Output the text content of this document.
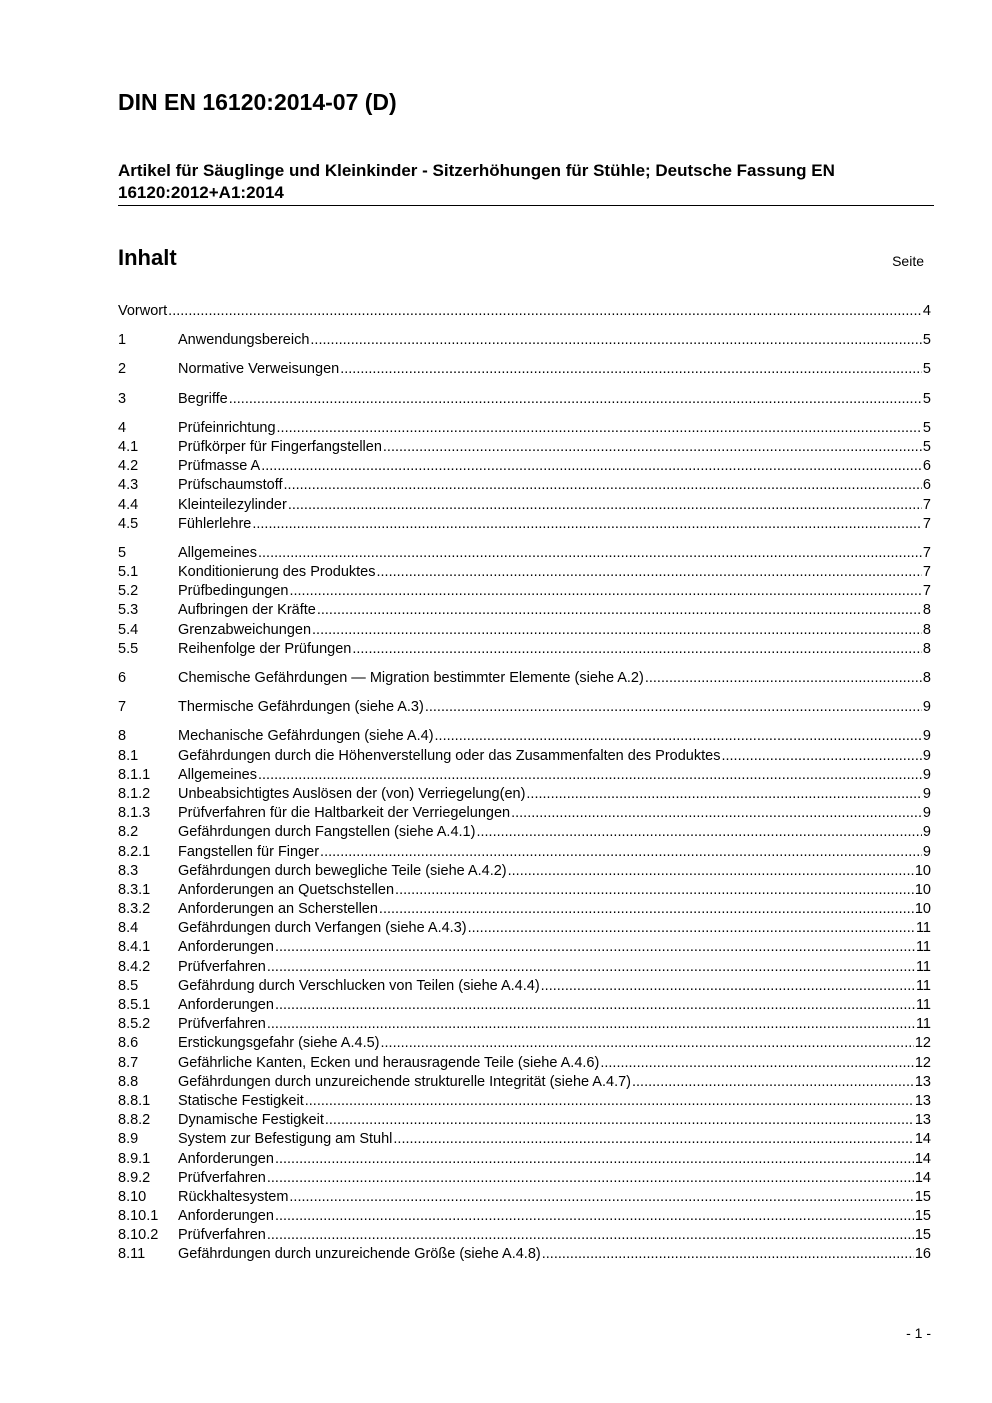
DIN EN 16120:2014-07 (D)
Artikel für Säuglinge und Kleinkinder - Sitzerhöhungen für Stühle; Deutsche Fassung EN 16120:2012+A1:2014
Inhalt	Seite
Vorwort .....	4
1	Anwendungsbereich .....	5
2	Normative Verweisungen .....	5
3	Begriffe .....	5
4	Prüfeinrichtung .....	5
4.1	Prüfkörper für Fingerfangstellen .....	5
4.2	Prüfmasse A .....	6
4.3	Prüfschaumstoff .....	6
4.4	Kleinteilezylinder .....	7
4.5	Fühlerlehre .....	7
5	Allgemeines .....	7
5.1	Konditionierung des Produktes .....	7
5.2	Prüfbedingungen .....	7
5.3	Aufbringen der Kräfte .....	8
5.4	Grenzabweichungen .....	8
5.5	Reihenfolge der Prüfungen .....	8
6	Chemische Gefährdungen — Migration bestimmter Elemente (siehe A.2) .....	8
7	Thermische Gefährdungen (siehe A.3) .....	9
8	Mechanische Gefährdungen (siehe A.4) .....	9
8.1	Gefährdungen durch die Höhenverstellung oder das Zusammenfalten des Produktes .....	9
8.1.1	Allgemeines .....	9
8.1.2	Unbeabsichtigtes Auslösen der (von) Verriegelung(en) .....	9
8.1.3	Prüfverfahren für die Haltbarkeit der Verriegelungen .....	9
8.2	Gefährdungen durch Fangstellen (siehe A.4.1) .....	9
8.2.1	Fangstellen für Finger .....	9
8.3	Gefährdungen durch bewegliche Teile (siehe A.4.2) .....	10
8.3.1	Anforderungen an Quetschstellen .....	10
8.3.2	Anforderungen an Scherstellen .....	10
8.4	Gefährdungen durch Verfangen (siehe A.4.3) .....	11
8.4.1	Anforderungen .....	11
8.4.2	Prüfverfahren .....	11
8.5	Gefährdung durch Verschlucken von Teilen (siehe A.4.4) .....	11
8.5.1	Anforderungen .....	11
8.5.2	Prüfverfahren .....	11
8.6	Erstickungsgefahr (siehe A.4.5) .....	12
8.7	Gefährliche Kanten, Ecken und herausragende Teile (siehe A.4.6) .....	12
8.8	Gefährdungen durch unzureichende strukturelle Integrität (siehe A.4.7) .....	13
8.8.1	Statische Festigkeit .....	13
8.8.2	Dynamische Festigkeit .....	13
8.9	System zur Befestigung am Stuhl .....	14
8.9.1	Anforderungen .....	14
8.9.2	Prüfverfahren .....	14
8.10	Rückhaltesystem .....	15
8.10.1	Anforderungen .....	15
8.10.2	Prüfverfahren .....	15
8.11	Gefährdungen durch unzureichende Größe (siehe A.4.8) .....	16
- 1 -
